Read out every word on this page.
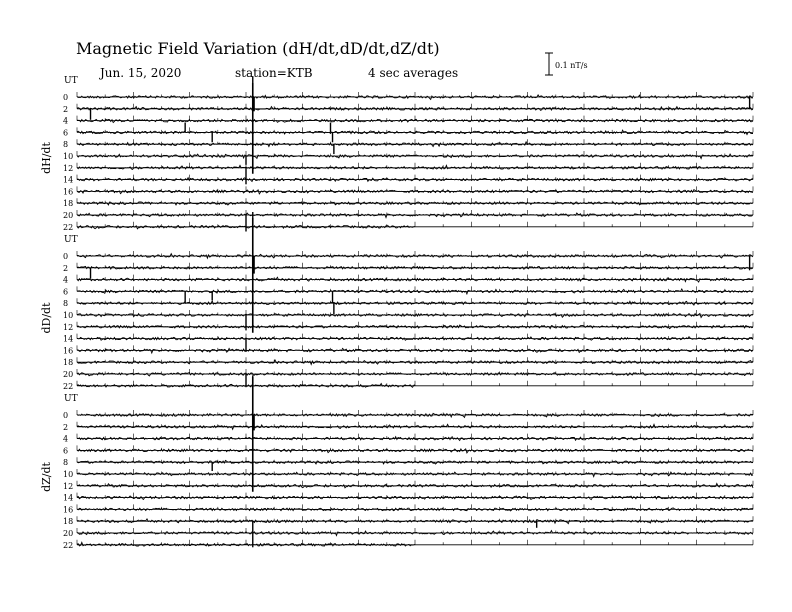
UT
dH/dt
0
2
4
6
8
10
12
14
16
18
20
22
UT
dD/dt
0
2
4
6
8
10
12
14
16
18
20
22
UT
dZ/dt
0
2
4
6
8
10
12
14
16
18
20
22
Magnetic Field Variation (dH/dt,dD/dt,dZ/dt)
Jun. 15, 2020	station=KTB	4 sec averages
0.1 nT/s
